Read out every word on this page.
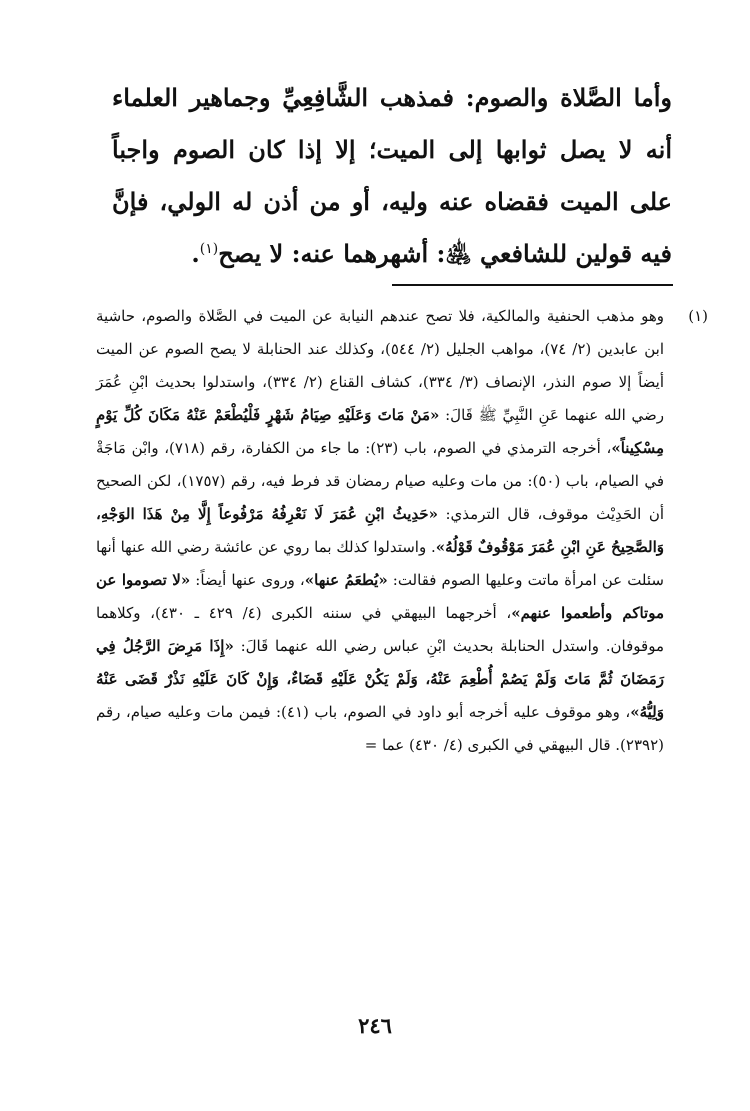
وأما الصَّلاة والصوم: فمذهب الشَّافِعِيِّ وجماهير العلماء أنه لا يصل ثوابها إلى الميت؛ إلا إذا كان الصوم واجباً على الميت فقضاه عنه وليه، أو من أذن له الولي، فإنَّ فيه قولين للشافعي ﵁: أشهرهما عنه: لا يصح$^{(١)}$.

(١)
وهو مذهب الحنفية والمالكية، فلا تصح عندهم النيابة عن الميت في الصَّلاة والصوم، حاشية ابن عابدين (٢/ ٧٤)، مواهب الجليل (٢/ ٥٤٤)، وكذلك عند الحنابلة لا يصح الصوم عن الميت أيضاً إلا صوم النذر، الإنصاف (٣/ ٣٣٤)، كشاف القناع (٢/ ٣٣٤)، واستدلوا بحديث ابْنِ عُمَرَ رضي الله عنهما عَنِ النَّبِيِّ ﷺ قَالَ: «مَنْ مَاتَ وَعَلَيْهِ صِيَامُ شَهْرٍ فَلْيُطْعَمْ عَنْهُ مَكَانَ كُلِّ يَوْمٍ مِسْكِيناً»، أخرجه الترمذي في الصوم، باب (٢٣): ما جاء من الكفارة، رقم (٧١٨)، وابْن مَاجَةْ في الصيام، باب (٥٠): من مات وعليه صيام رمضان قد فرط فيه، رقم (١٧٥٧)، لكن الصحيح أن الحَدِيْث موقوف، قال الترمذي: «حَدِيثُ ابْنِ عُمَرَ لَا نَعْرِفُهُ مَرْفُوعاً إِلَّا مِنْ هَذَا الوَجْهِ، وَالصَّحِيحُ عَنِ ابْنِ عُمَرَ مَوْقُوفٌ قَوْلُهُ». واستدلوا كذلك بما روي عن عائشة رضي الله عنها أنها سئلت عن امرأة ماتت وعليها الصوم فقالت: «يُطعَمُ عنها»، وروى عنها أيضاً: «لا تصوموا عن موتاكم وأطعموا عنهم»، أخرجهما البيهقي في سننه الكبرى (٤/ ٤٢٩ ـ ٤٣٠)، وكلاهما موقوفان. واستدل الحنابلة بحديث ابْنِ عباس رضي الله عنهما قَالَ: «إِذَا مَرِضَ الرَّجُلُ فِي رَمَضَانَ ثُمَّ مَاتَ وَلَمْ يَصُمْ أُطْعِمَ عَنْهُ، وَلَمْ يَكُنْ عَلَيْهِ قَضَاءٌ، وَإِنْ كَانَ عَلَيْهِ نَذْرٌ قَضَى عَنْهُ وَلِيُّهُ»، وهو موقوف عليه أخرجه أبو داود في الصوم، باب (٤١): فيمن مات وعليه صيام، رقم (٢٣٩٢). قال البيهقي في الكبرى (٤/ ٤٣٠) عما =
٢٤٦
